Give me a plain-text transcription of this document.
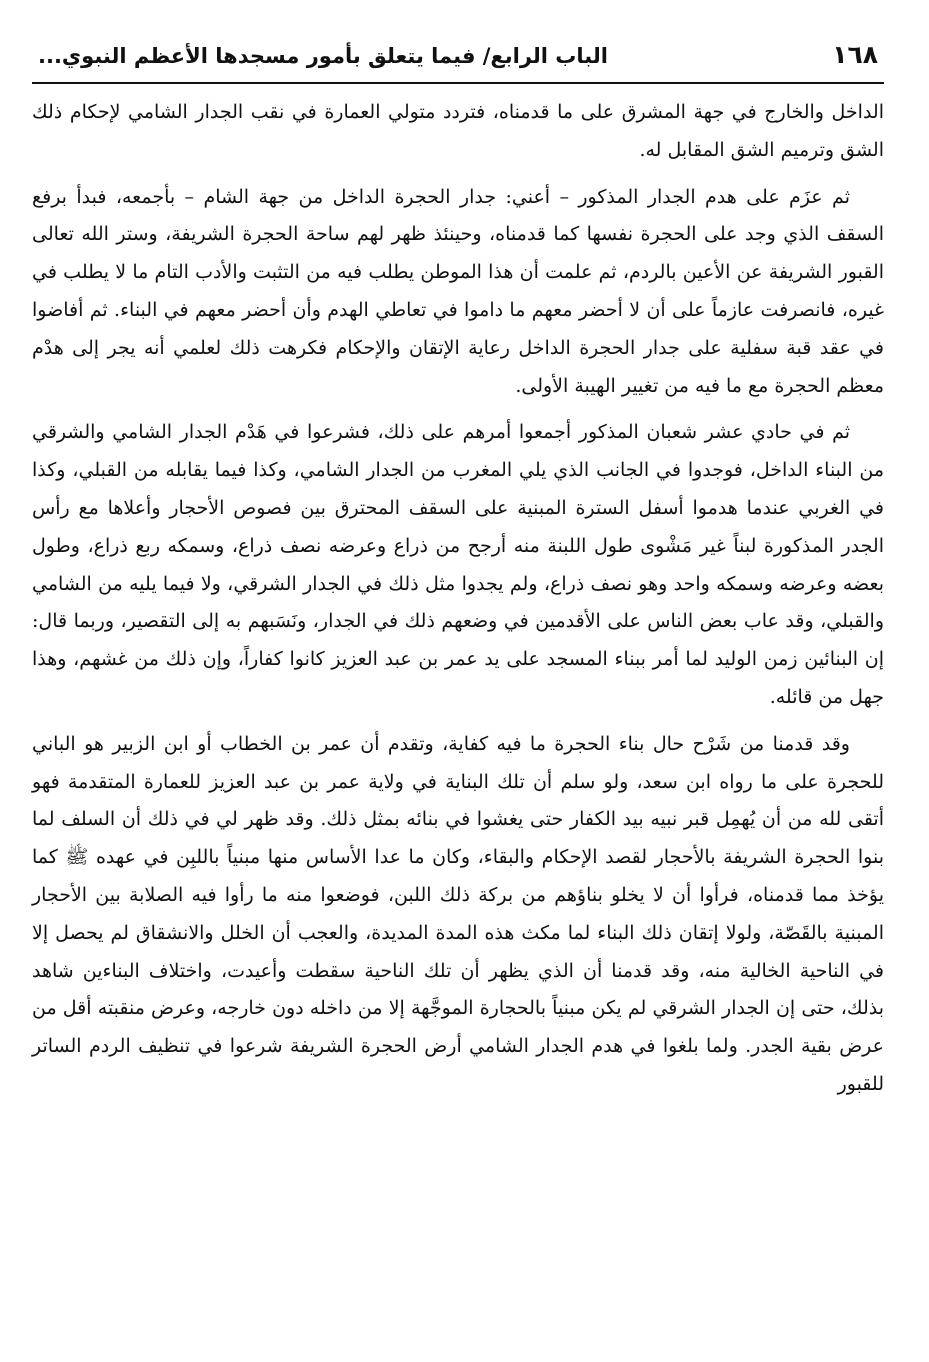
١٦٨
الباب الرابع/ فيما يتعلق بأمور مسجدها الأعظم النبوي...

الداخل والخارج في جهة المشرق على ما قدمناه، فتردد متولي العمارة في نقب الجدار الشامي لإحكام ذلك الشق وترميم الشق المقابل له.

ثم عزَم على هدم الجدار المذكور – أعني: جدار الحجرة الداخل من جهة الشام – بأجمعه، فبدأ برفع السقف الذي وجد على الحجرة نفسها كما قدمناه، وحينئذ ظهر لهم ساحة الحجرة الشريفة، وستر الله تعالى القبور الشريفة عن الأعين بالردم، ثم علمت أن هذا الموطن يطلب فيه من التثبت والأدب التام ما لا يطلب في غيره، فانصرفت عازماً على أن لا أحضر معهم ما داموا في تعاطي الهدم وأن أحضر معهم في البناء. ثم أفاضوا في عقد قبة سفلية على جدار الحجرة الداخل رعاية الإتقان والإحكام فكرهت ذلك لعلمي أنه يجر إلى هدْم معظم الحجرة مع ما فيه من تغيير الهيبة الأولى.

ثم في حادي عشر شعبان المذكور أجمعوا أمرهم على ذلك، فشرعوا في هَدْم الجدار الشامي والشرقي من البناء الداخل، فوجدوا في الجانب الذي يلي المغرب من الجدار الشامي، وكذا فيما يقابله من القبلي، وكذا في الغربي عندما هدموا أسفل السترة المبنية على السقف المحترق بين فصوص الأحجار وأعلاها مع رأس الجدر المذكورة لبناً غير مَشْوى طول اللبنة منه أرجح من ذراع وعرضه نصف ذراع، وسمكه ربع ذراع، وطول بعضه وعرضه وسمكه واحد وهو نصف ذراع، ولم يجدوا مثل ذلك في الجدار الشرقي، ولا فيما يليه من الشامي والقبلي، وقد عاب بعض الناس على الأقدمين في وضعهم ذلك في الجدار، ونَسَبهم به إلى التقصير، وربما قال: إن البنائين زمن الوليد لما أمر ببناء المسجد على يد عمر بن عبد العزيز كانوا كفاراً، وإن ذلك من غشهم، وهذا جهل من قائله.

وقد قدمنا من شَرْح حال بناء الحجرة ما فيه كفاية، وتقدم أن عمر بن الخطاب أو ابن الزبير هو الباني للحجرة على ما رواه ابن سعد، ولو سلم أن تلك البناية في ولاية عمر بن عبد العزيز للعمارة المتقدمة فهو أتقى لله من أن يُهمِل قبر نبيه بيد الكفار حتى يغشوا في بنائه بمثل ذلك. وقد ظهر لي في ذلك أن السلف لما بنوا الحجرة الشريفة بالأحجار لقصد الإحكام والبقاء، وكان ما عدا الأساس منها مبنياً باللبِن في عهده ﷺ كما يؤخذ مما قدمناه، فرأوا أن لا يخلو بناؤهم من بركة ذلك اللبن، فوضعوا منه ما رأوا فيه الصلابة بين الأحجار المبنية بالقَصّة، ولولا إتقان ذلك البناء لما مكث هذه المدة المديدة، والعجب أن الخلل والانشقاق لم يحصل إلا في الناحية الخالية منه، وقد قدمنا أن الذي يظهر أن تلك الناحية سقطت وأعيدت، واختلاف البناءين شاهد بذلك، حتى إن الجدار الشرقي لم يكن مبنياً بالحجارة الموجَّهة إلا من داخله دون خارجه، وعرض منقبته أقل من عرض بقية الجدر. ولما بلغوا في هدم الجدار الشامي أرض الحجرة الشريفة شرعوا في تنظيف الردم الساتر للقبور
